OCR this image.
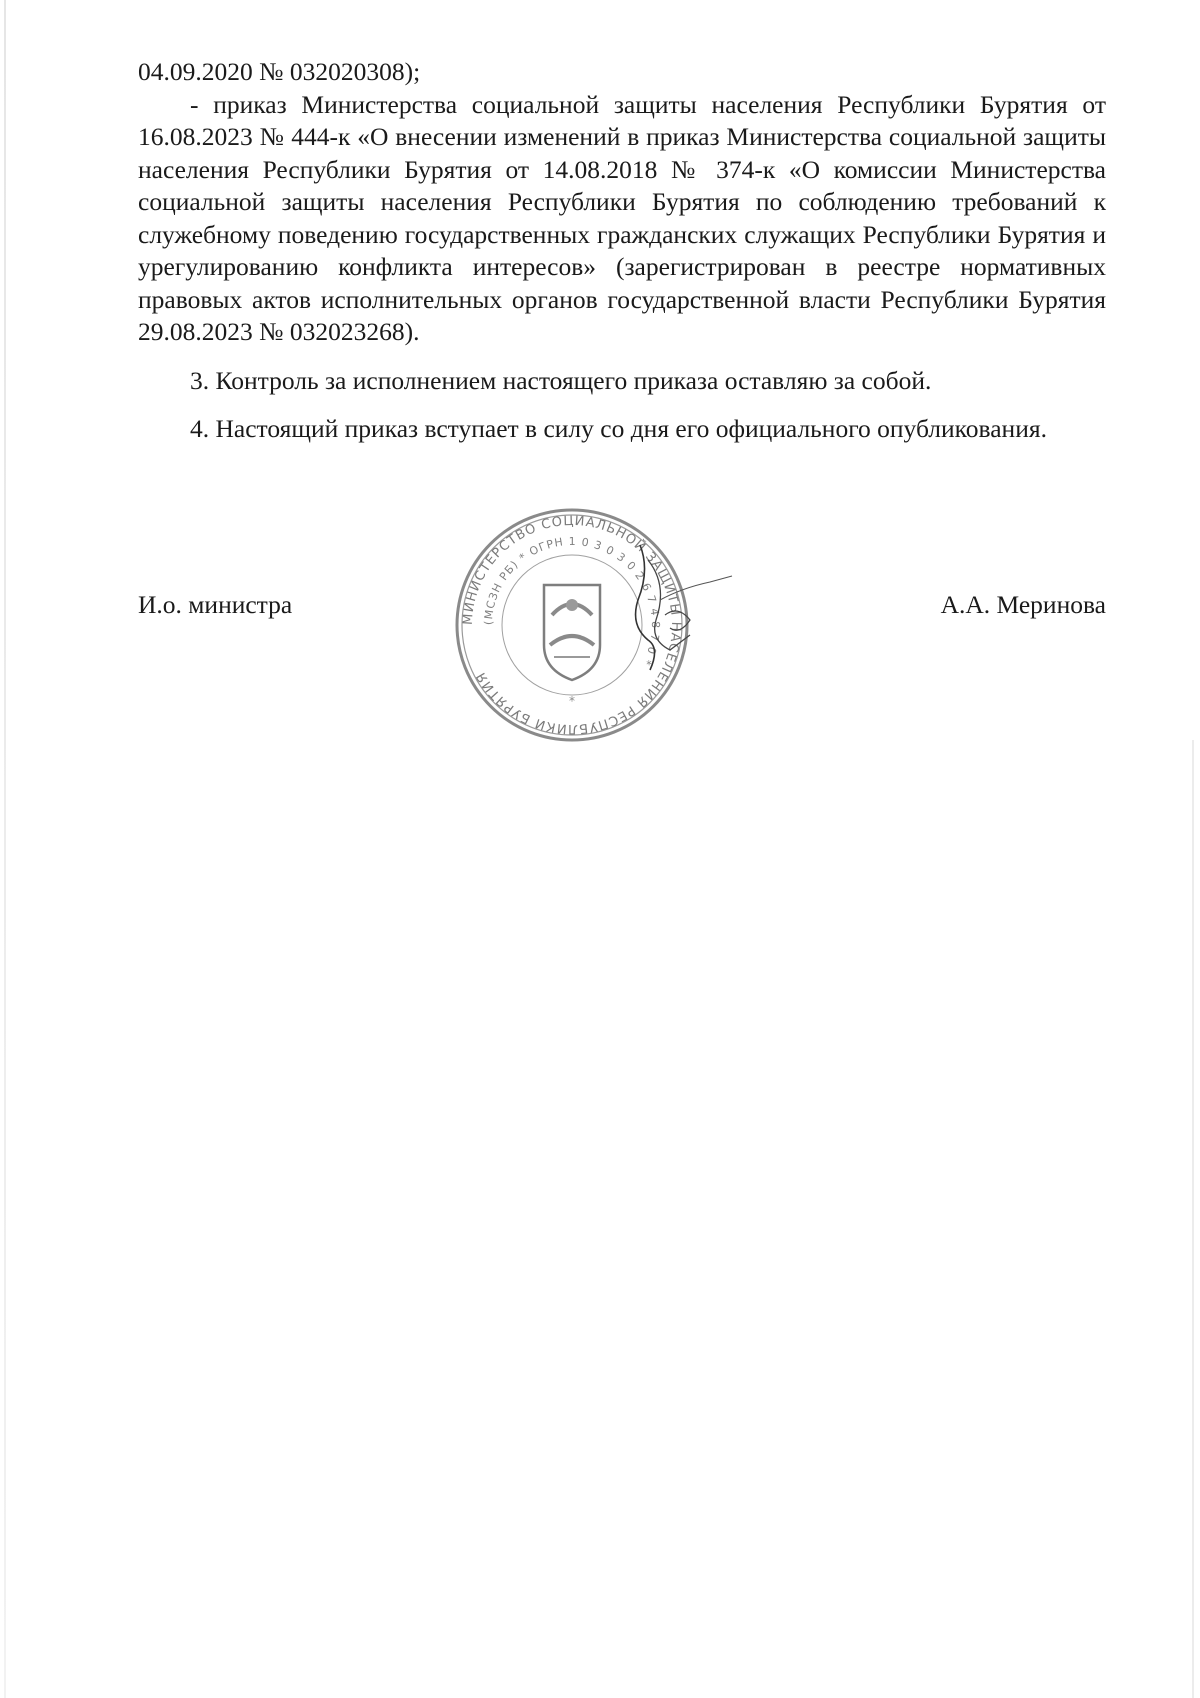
04.09.2020 № 032020308);

- приказ Министерства социальной защиты населения Республики Бурятия от 16.08.2023 № 444-к «О внесении изменений в приказ Министерства социальной защиты населения Республики Бурятия от 14.08.2018 № 374-к «О комиссии Министерства социальной защиты населения Республики Бурятия по соблюдению требований к служебному поведению государственных гражданских служащих Республики Бурятия и урегулированию конфликта интересов» (зарегистрирован в реестре нормативных правовых актов исполнительных органов государственной власти Республики Бурятия 29.08.2023 № 032023268).

3. Контроль за исполнением настоящего приказа оставляю за собой.

4. Настоящий приказ вступает в силу со дня его официального опубликования.

И.о. министра	А.А. Меринова
МИНИСТЕРСТВО СОЦИАЛЬНОЙ ЗАЩИТЫ НАСЕЛЕНИЯ РЕСПУБЛИКИ БУРЯТИЯ
(МСЗН РБ) * ОГРН 1 0 3 0 3 0 2 6 7 4 8 7 0 *
*
